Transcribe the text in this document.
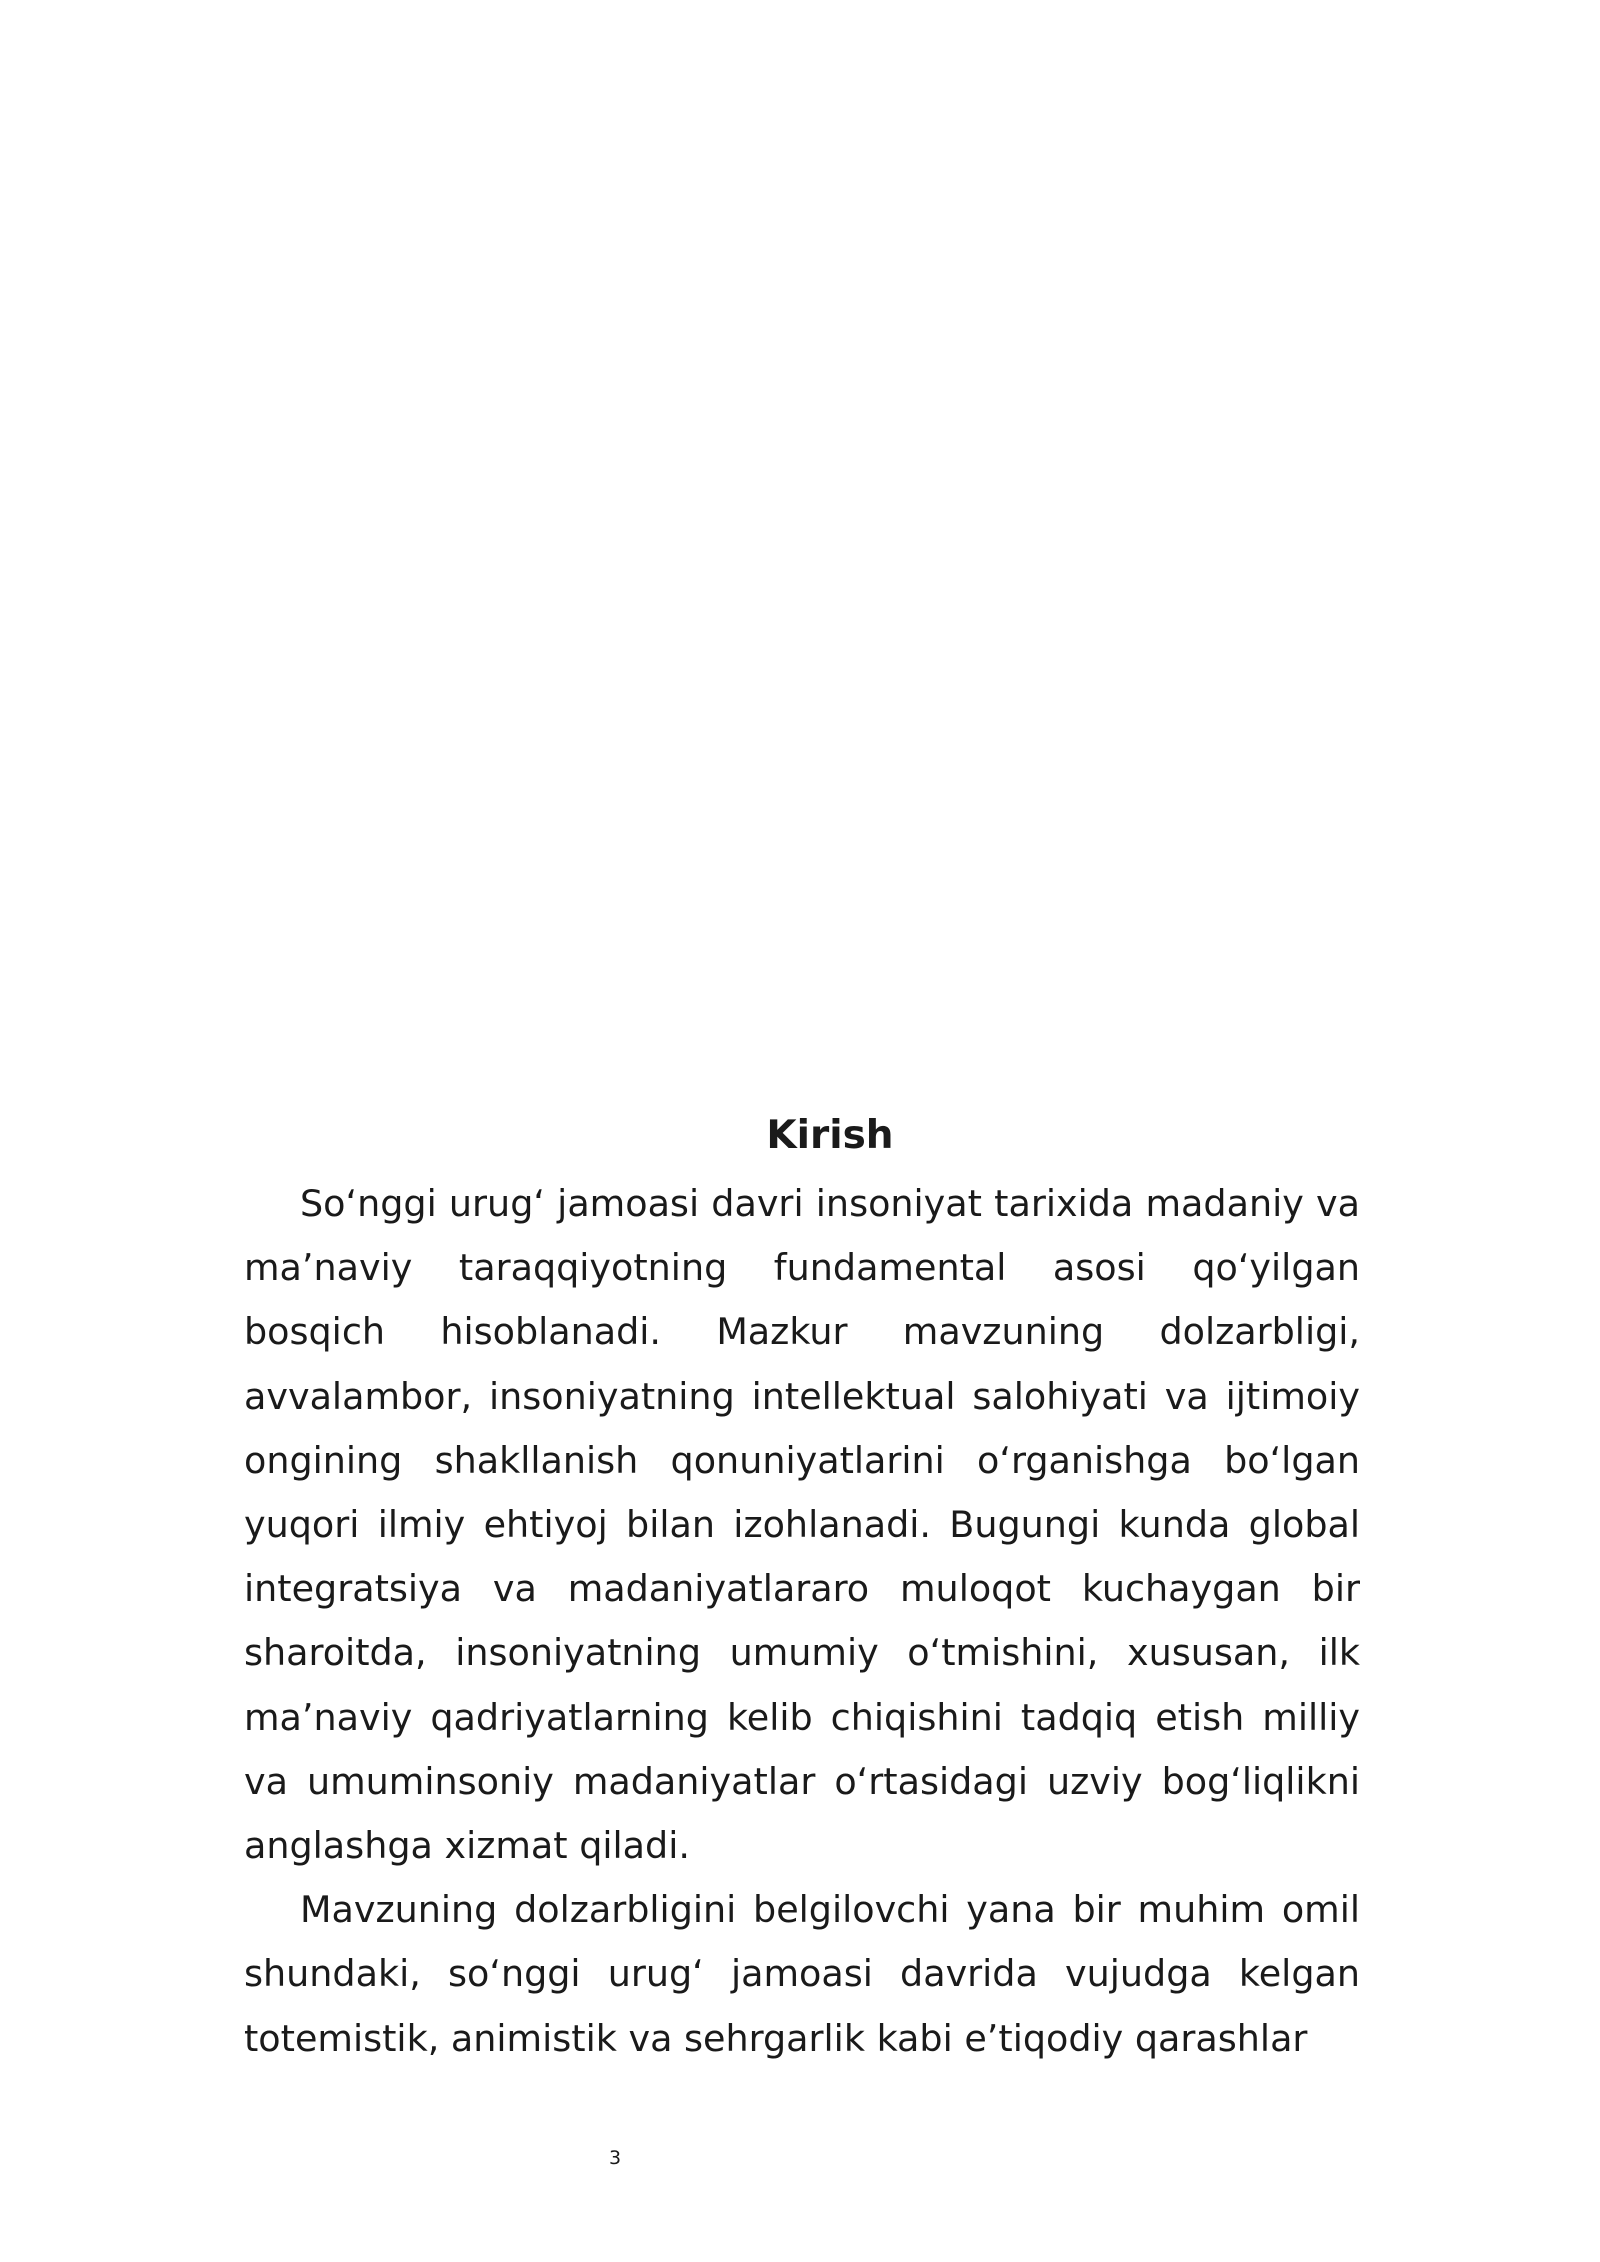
Kirish

So‘nggi urug‘ jamoasi davri insoniyat tarixida madaniy va ma’naviy taraqqiyotning fundamental asosi qo‘yilgan bosqich hisoblanadi. Mazkur mavzuning dolzarbligi, avvalambor, insoniyatning intellektual salohiyati va ijtimoiy ongining shakllanish qonuniyatlarini o‘rganishga bo‘lgan yuqori ilmiy ehtiyoj bilan izohlanadi. Bugungi kunda global integratsiya va madaniyatlararo muloqot kuchaygan bir sharoitda, insoniyatning umumiy o‘tmishini, xususan, ilk ma’naviy qadriyatlarning kelib chiqishini tadqiq etish milliy va umuminsoniy madaniyatlar o‘rtasidagi uzviy bog‘liqlikni anglashga xizmat qiladi.

Mavzuning dolzarbligini belgilovchi yana bir muhim omil shundaki, so‘nggi urug‘ jamoasi davrida vujudga kelgan totemistik, animistik va sehrgarlik kabi e’tiqodiy qarashlar

3
